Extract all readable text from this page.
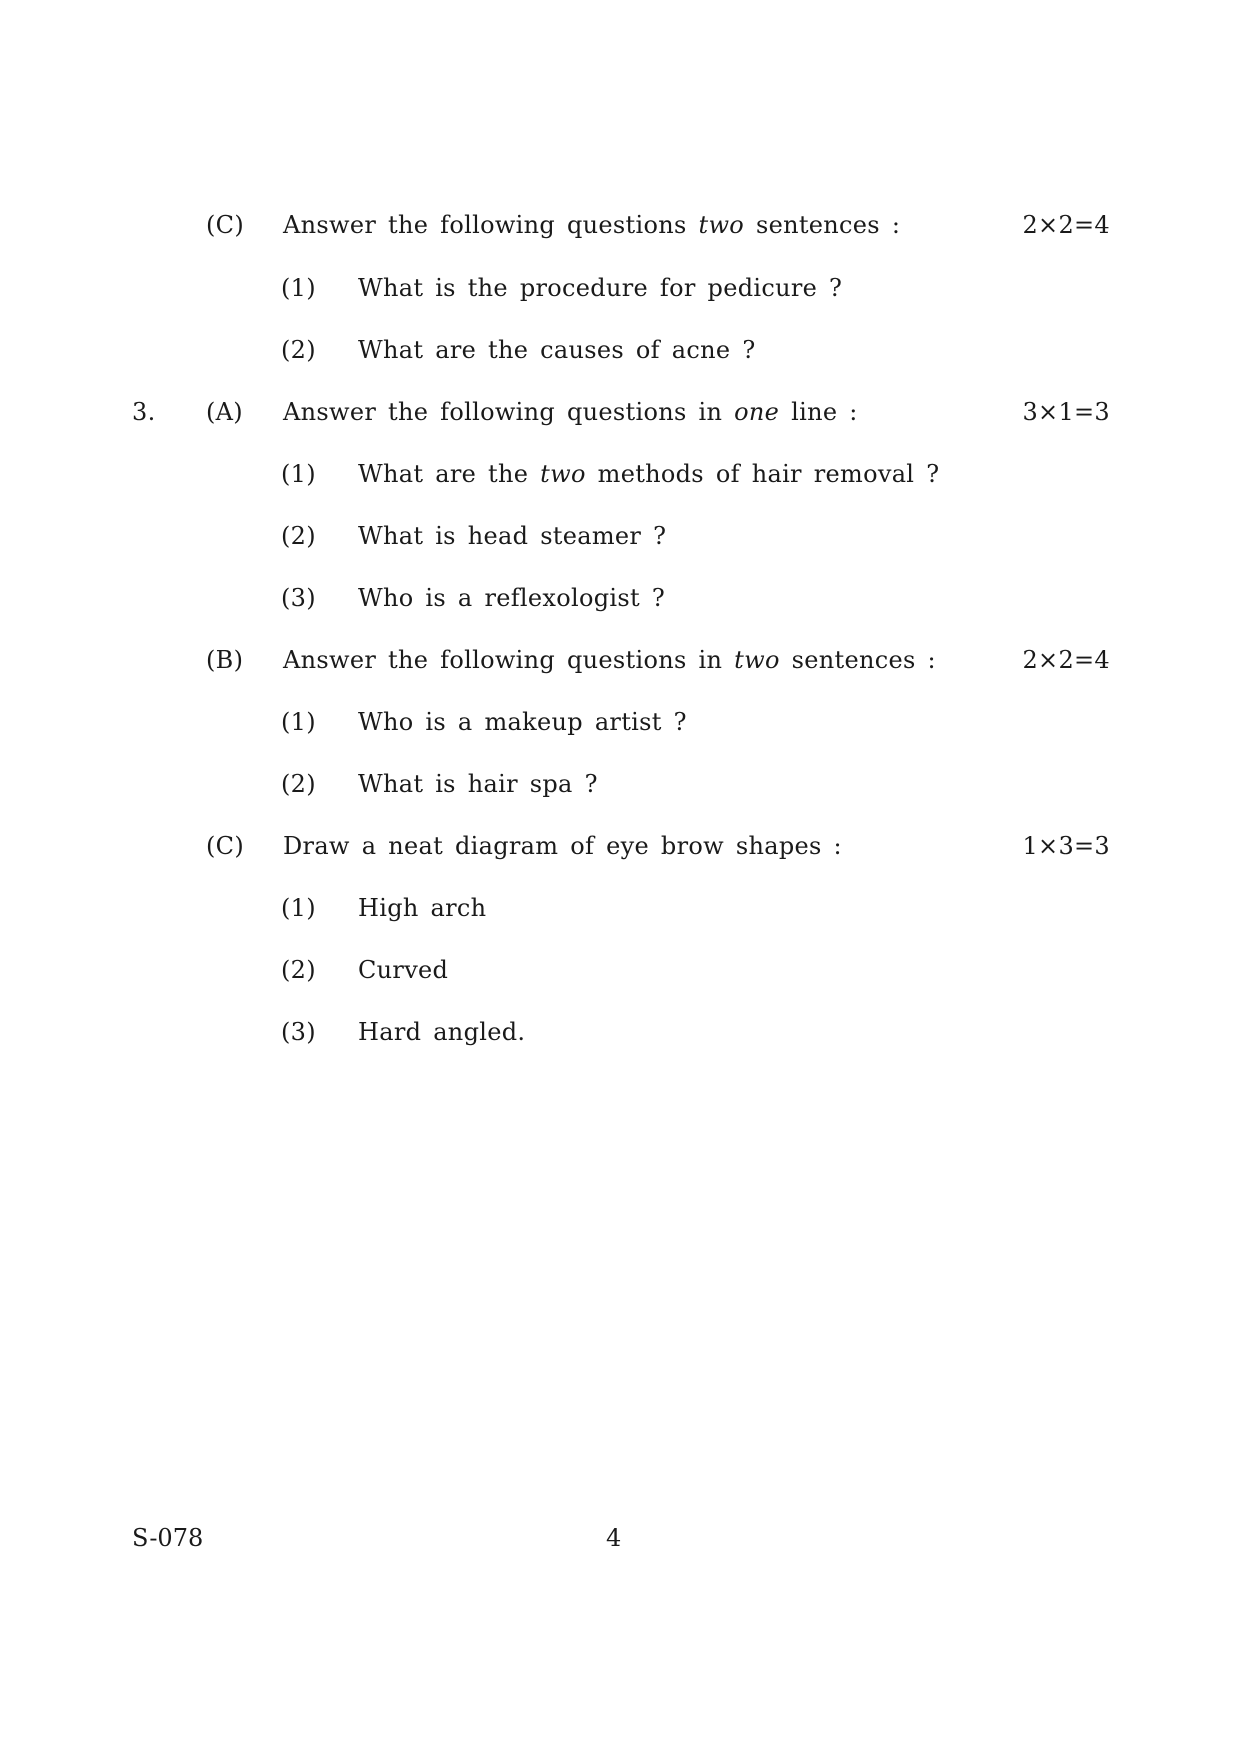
(C) Answer the following questions two sentences :	2×2=4
(1) What is the procedure for pedicure ?
(2) What are the causes of acne ?
3. (A) Answer the following questions in one line :	3×1=3
(1) What are the two methods of hair removal ?
(2) What is head steamer ?
(3) Who is a reflexologist ?
(B) Answer the following questions in two sentences :	2×2=4
(1) Who is a makeup artist ?
(2) What is hair spa ?
(C) Draw a neat diagram of eye brow shapes :	1×3=3
(1) High arch
(2) Curved
(3) Hard angled.
S-078	4
